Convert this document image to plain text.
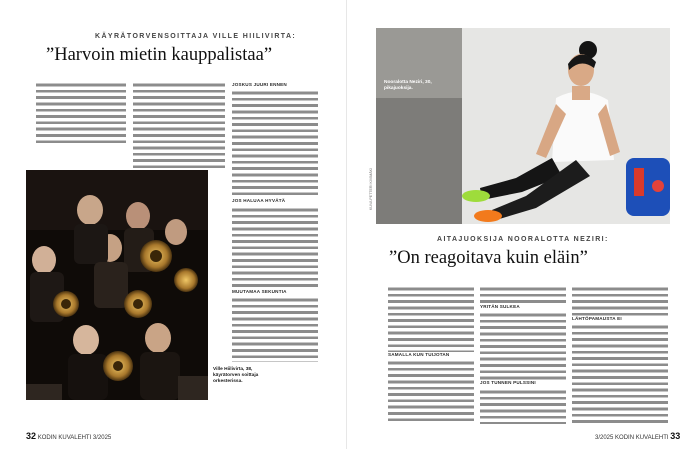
KÄYRÄTORVENSOITTAJA VILLE HIILIVIRTA:
”Harvoin mietin kauppalistaa”
JOSKUS JUURI ENNEN
JOS HALUAA HYVÄTÄ
MUUTAMAA SEKUNTIA
Ville Hiilivirta, 38, käyrätorven soittaja orkesterissa.
32 KODIN KUVALEHTI 3/2025
Nooralotta Neziri, 30, pikajuoksija.
KUVA PETTERI KIVIMÄKI
AITAJUOKSIJA NOORALOTTA NEZIRI:
”On reagoitava kuin eläin”
SAMALLA KUN TUIJOTAN
YRITÄN SULKEA
JOS TUNNEN PULSSINI
LÄHTÖPAMAUSTA EI
3/2025 KODIN KUVALEHTI 33
